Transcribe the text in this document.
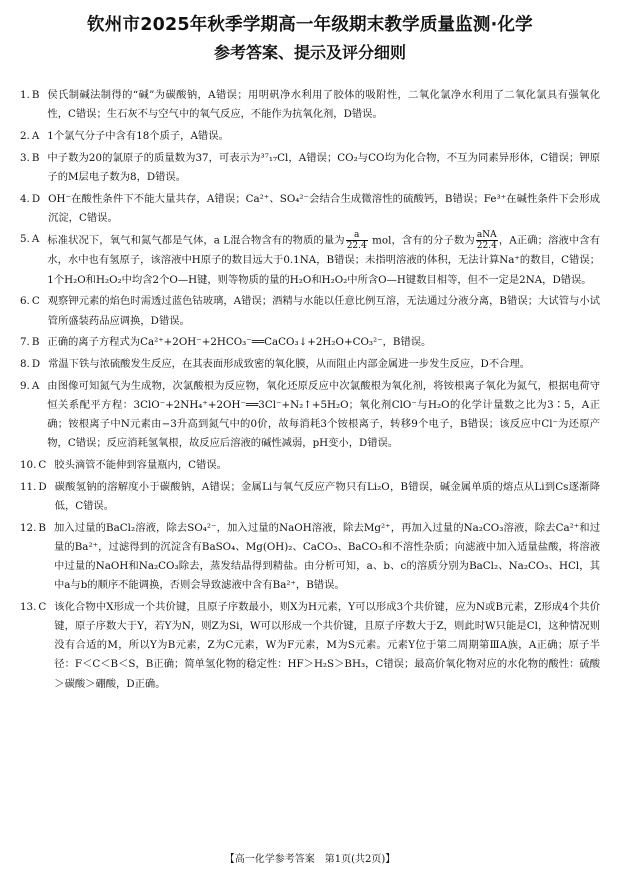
钦州市2025年秋季学期高一年级期末教学质量监测·化学
参考答案、提示及评分细则
1. B 侯氏制碱法制得的“碱”为碳酸钠，A错误；用明矾净水利用了胶体的吸附性，二氧化氯净水利用了二氧化氯具有强氧化性，C错误；生石灰不与空气中的氧气反应，不能作为抗氧化剂，D错误。
2. A 1个氯气分子中含有18个质子，A错误。
3. B 中子数为20的氯原子的质量数为37，可表示为³⁷₁₇Cl，A错误；CO₂与CO均为化合物，不互为同素异形体，C错误；钾原子的M层电子数为8，D错误。
4. D OH⁻在酸性条件下不能大量共存，A错误；Ca²⁺、SO₄²⁻会结合生成微溶性的硫酸钙，B错误；Fe³⁺在碱性条件下会形成沉淀，C错误。
5. A 标准状况下，氧气和氮气都是气体，a L混合物含有的物质的量为 $\frac{a}{22.4}$ mol，含有的分子数为 $\frac{\text{aNA}}{22.4}$ ，A正确；溶液中含有水，水中也有氢原子，该溶液中H原子的数目远大于0.1NA，B错误；未指明溶液的体积，无法计算Na⁺的数目，C错误；1个H₂O和H₂O₂中均含2个O—H键，则等物质的量的H₂O和H₂O₂中所含O—H键数目相等，但不一定是2NA，D错误。
6. C 观察钾元素的焰色时需透过蓝色钴玻璃，A错误；酒精与水能以任意比例互溶，无法通过分液分离，B错误；大试管与小试管所盛装药品应调换，D错误。
7. B 正确的离子方程式为Ca²⁺+2OH⁻+2HCO₃⁻══CaCO₃↓+2H₂O+CO₃²⁻，B错误。
8. D 常温下铁与浓硫酸发生反应，在其表面形成致密的氧化膜，从而阻止内部金属进一步发生反应，D不合理。
9. A 由图像可知氮气为生成物，次氯酸根为反应物，氧化还原反应中次氯酸根为氧化剂，将铵根离子氧化为氮气，根据电荷守恒关系配平方程：3ClO⁻+2NH₄⁺+2OH⁻══3Cl⁻+N₂↑+5H₂O；氧化剂ClO⁻与H₂O的化学计量数之比为3∶5，A正确；铵根离子中N元素由−3升高到氮气中的0价，故每消耗3个铵根离子，转移9个电子，B错误；该反应中Cl⁻为还原产物，C错误；反应消耗氢氧根，故反应后溶液的碱性减弱，pH变小，D错误。
10. C 胶头滴管不能伸到容量瓶内，C错误。
11. D 碳酸氢钠的溶解度小于碳酸钠，A错误；金属Li与氧气反应产物只有Li₂O，B错误，碱金属单质的熔点从Li到Cs逐渐降低，C错误。
12. B 加入过量的BaCl₂溶液，除去SO₄²⁻，加入过量的NaOH溶液，除去Mg²⁺，再加入过量的Na₂CO₃溶液，除去Ca²⁺和过量的Ba²⁺，过滤得到的沉淀含有BaSO₄、Mg(OH)₂、CaCO₃、BaCO₃和不溶性杂质；向滤液中加入适量盐酸，将溶液中过量的NaOH和Na₂CO₃除去，蒸发结晶得到精盐。由分析可知，a、b、c的溶质分别为BaCl₂、Na₂CO₃、HCl，其中a与b的顺序不能调换，否则会导致滤液中含有Ba²⁺，B错误。
13. C 该化合物中X形成一个共价键，且原子序数最小，则X为H元素，Y可以形成3个共价键，应为N或B元素，Z形成4个共价键，原子序数大于Y，若Y为N，则Z为Si，W可以形成一个共价键，且原子序数大于Z，则此时W只能是Cl，这种情况则没有合适的M，所以Y为B元素，Z为C元素，W为F元素，M为S元素。元素Y位于第二周期第ⅢA族，A正确；原子半径：F＜C＜B＜S，B正确；简单氢化物的稳定性：HF＞H₂S＞BH₃，C错误；最高价氧化物对应的水化物的酸性：硫酸＞碳酸＞硼酸，D正确。
【高一化学参考答案　第1页(共2页)】
